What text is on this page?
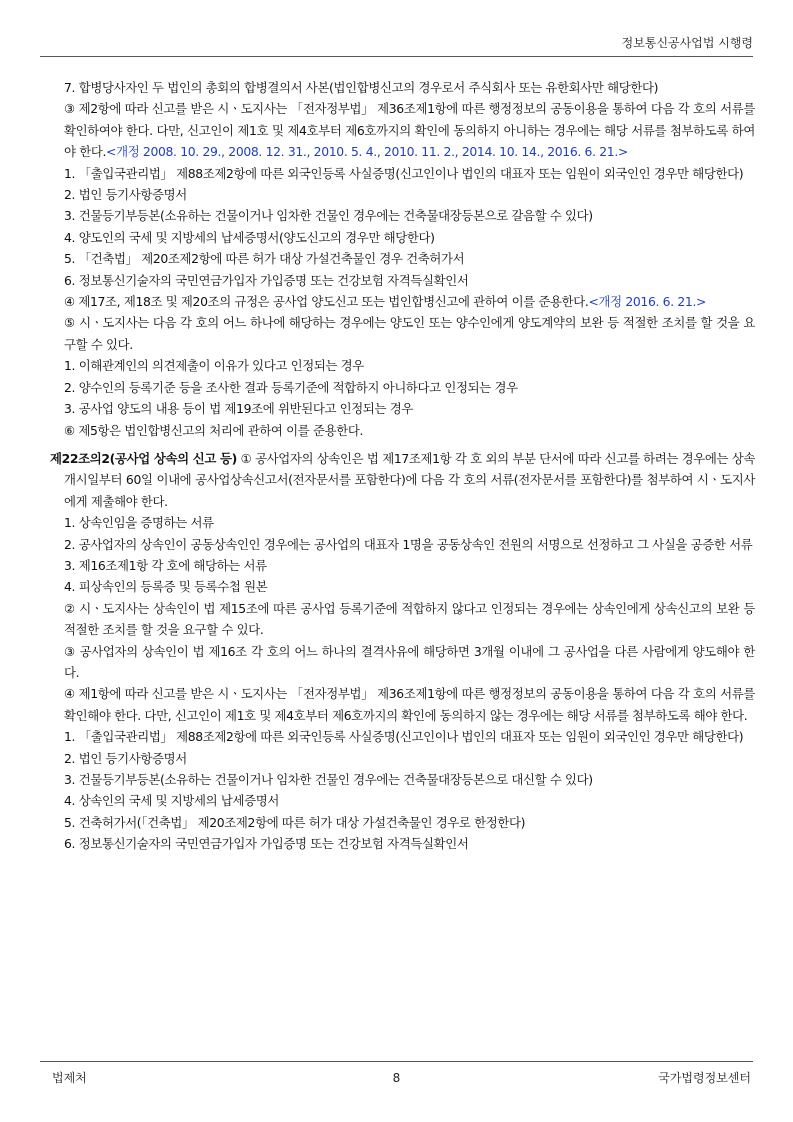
정보통신공사업법 시행령

7. 합병당사자인 두 법인의 총회의 합병결의서 사본(법인합병신고의 경우로서 주식회사 또는 유한회사만 해당한다)

③ 제2항에 따라 신고를 받은 시ㆍ도지사는 「전자정부법」 제36조제1항에 따른 행정정보의 공동이용을 통하여 다음 각 호의 서류를 확인하여야 한다. 다만, 신고인이 제1호 및 제4호부터 제6호까지의 확인에 동의하지 아니하는 경우에는 해당 서류를 첨부하도록 하여야 한다.<개정 2008. 10. 29., 2008. 12. 31., 2010. 5. 4., 2010. 11. 2., 2014. 10. 14., 2016. 6. 21.>

1. 「출입국관리법」 제88조제2항에 따른 외국인등록 사실증명(신고인이나 법인의 대표자 또는 임원이 외국인인 경우만 해당한다)

2. 법인 등기사항증명서

3. 건물등기부등본(소유하는 건물이거나 임차한 건물인 경우에는 건축물대장등본으로 갈음할 수 있다)

4. 양도인의 국세 및 지방세의 납세증명서(양도신고의 경우만 해당한다)

5. 「건축법」 제20조제2항에 따른 허가 대상 가설건축물인 경우 건축허가서

6. 정보통신기술자의 국민연금가입자 가입증명 또는 건강보험 자격득실확인서

④ 제17조, 제18조 및 제20조의 규정은 공사업 양도신고 또는 법인합병신고에 관하여 이를 준용한다.<개정 2016. 6. 21.>

⑤ 시ㆍ도지사는 다음 각 호의 어느 하나에 해당하는 경우에는 양도인 또는 양수인에게 양도계약의 보완 등 적절한 조치를 할 것을 요구할 수 있다.

1. 이해관계인의 의견제출이 이유가 있다고 인정되는 경우

2. 양수인의 등록기준 등을 조사한 결과 등록기준에 적합하지 아니하다고 인정되는 경우

3. 공사업 양도의 내용 등이 법 제19조에 위반된다고 인정되는 경우

⑥ 제5항은 법인합병신고의 처리에 관하여 이를 준용한다.

제22조의2(공사업 상속의 신고 등) ① 공사업자의 상속인은 법 제17조제1항 각 호 외의 부분 단서에 따라 신고를 하려는 경우에는 상속개시일부터 60일 이내에 공사업상속신고서(전자문서를 포함한다)에 다음 각 호의 서류(전자문서를 포함한다)를 첨부하여 시ㆍ도지사에게 제출해야 한다.

1. 상속인임을 증명하는 서류

2. 공사업자의 상속인이 공동상속인인 경우에는 공사업의 대표자 1명을 공동상속인 전원의 서명으로 선정하고 그 사실을 공증한 서류

3. 제16조제1항 각 호에 해당하는 서류

4. 피상속인의 등록증 및 등록수첩 원본

② 시ㆍ도지사는 상속인이 법 제15조에 따른 공사업 등록기준에 적합하지 않다고 인정되는 경우에는 상속인에게 상속신고의 보완 등 적절한 조치를 할 것을 요구할 수 있다.

③ 공사업자의 상속인이 법 제16조 각 호의 어느 하나의 결격사유에 해당하면 3개월 이내에 그 공사업을 다른 사람에게 양도해야 한다.

④ 제1항에 따라 신고를 받은 시ㆍ도지사는 「전자정부법」 제36조제1항에 따른 행정정보의 공동이용을 통하여 다음 각 호의 서류를 확인해야 한다. 다만, 신고인이 제1호 및 제4호부터 제6호까지의 확인에 동의하지 않는 경우에는 해당 서류를 첨부하도록 해야 한다.

1. 「출입국관리법」 제88조제2항에 따른 외국인등록 사실증명(신고인이나 법인의 대표자 또는 임원이 외국인인 경우만 해당한다)

2. 법인 등기사항증명서

3. 건물등기부등본(소유하는 건물이거나 임차한 건물인 경우에는 건축물대장등본으로 대신할 수 있다)

4. 상속인의 국세 및 지방세의 납세증명서

5. 건축허가서(「건축법」 제20조제2항에 따른 허가 대상 가설건축물인 경우로 한정한다)

6. 정보통신기술자의 국민연금가입자 가입증명 또는 건강보험 자격득실확인서

법제처	8	국가법령정보센터
